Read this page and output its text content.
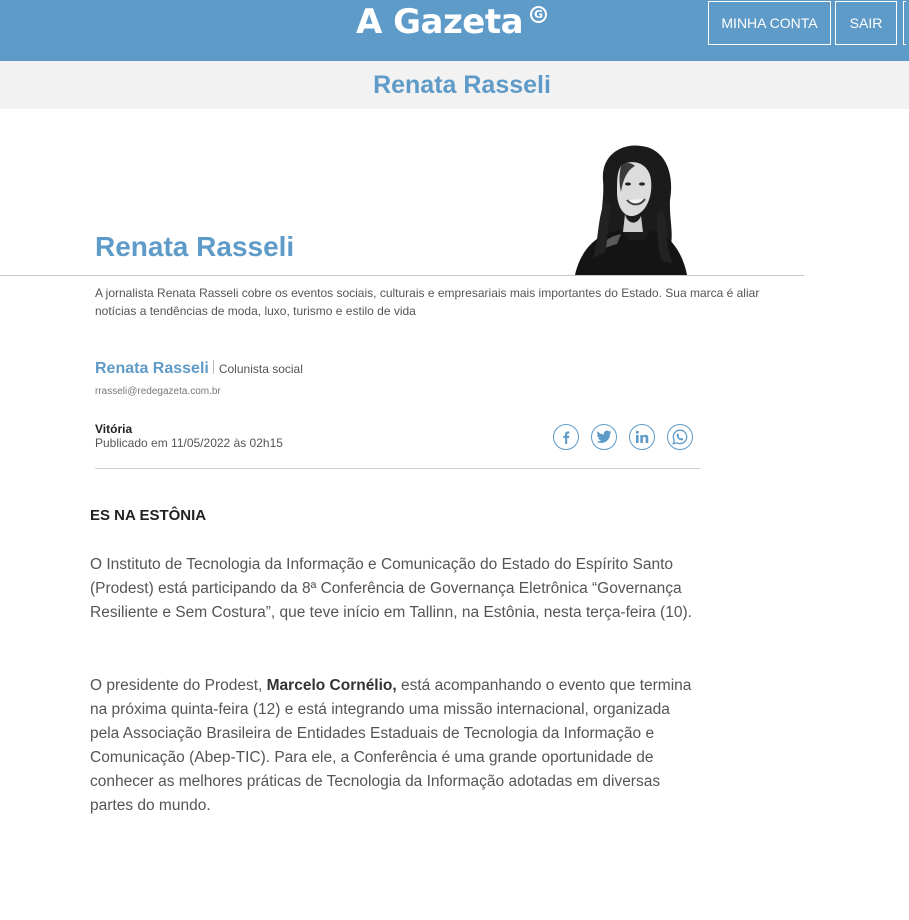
A Gazeta G
MINHA CONTA	SAIR
Renata Rasseli
Renata Rasseli
A jornalista Renata Rasseli cobre os eventos sociais, culturais e empresariais mais importantes do Estado. Sua marca é aliar notícias a tendências de moda, luxo, turismo e estilo de vida
Renata Rasseli Colunista social
rrasseli@redegazeta.com.br
Vitória
Publicado em 11/05/2022 às 02h15
ES NA ESTÔNIA

O Instituto de Tecnologia da Informação e Comunicação do Estado do Espírito Santo (Prodest) está participando da 8ª Conferência de Governança Eletrônica “Governança Resiliente e Sem Costura”, que teve início em Tallinn, na Estônia, nesta terça-feira (10).

O presidente do Prodest, Marcelo Cornélio, está acompanhando o evento que termina na próxima quinta-feira (12) e está integrando uma missão internacional, organizada pela Associação Brasileira de Entidades Estaduais de Tecnologia da Informação e Comunicação (Abep-TIC). Para ele, a Conferência é uma grande oportunidade de conhecer as melhores práticas de Tecnologia da Informação adotadas em diversas partes do mundo.
